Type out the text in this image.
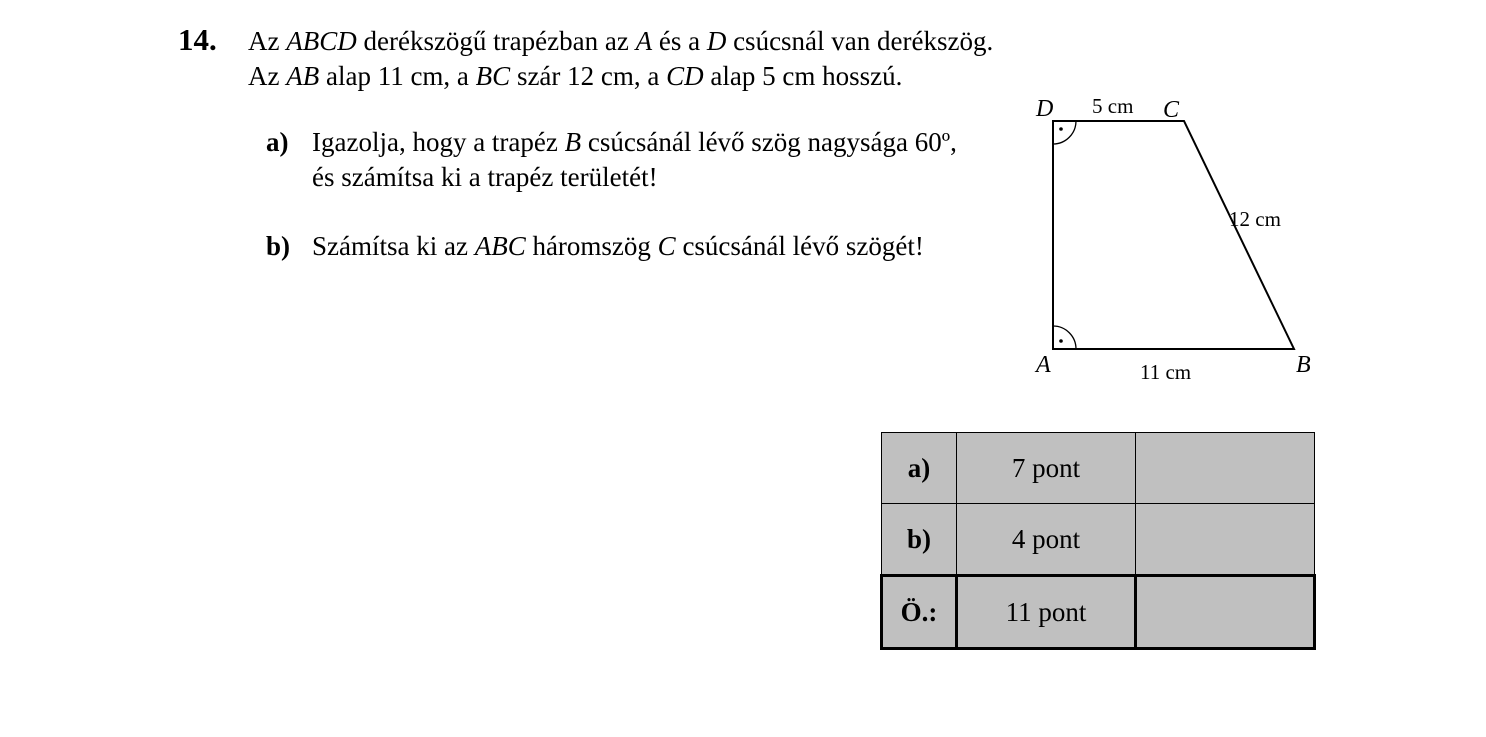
14. Az ABCD derékszögű trapézban az A és a D csúcsnál van derékszög.
Az AB alap 11 cm, a BC szár 12 cm, a CD alap 5 cm hosszú.
a) Igazolja, hogy a trapéz B csúcsánál lévő szög nagysága 60º,
és számítsa ki a trapéz területét!
b) Számítsa ki az ABC háromszög C csúcsánál lévő szögét!
D	C
A	B
5 cm
12 cm
11 cm
a)	7 pont	
b)	4 pont	
Ö.:	11 pont	
